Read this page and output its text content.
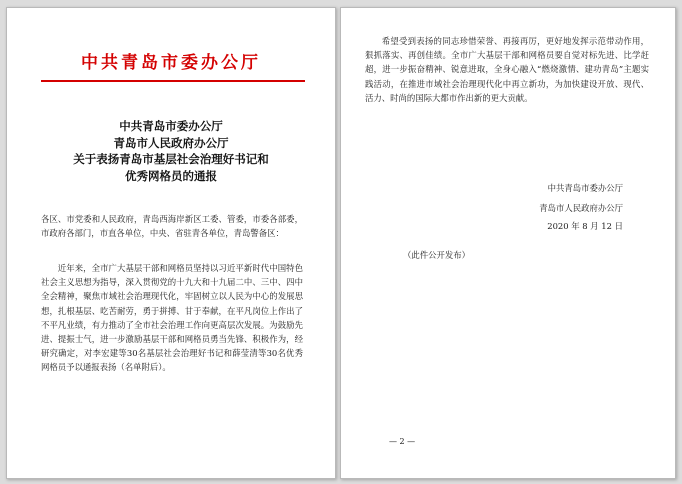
中共青岛市委办公厅
中共青岛市委办公厅
青岛市人民政府办公厅
关于表扬青岛市基层社会治理好书记和
优秀网格员的通报
各区、市党委和人民政府，青岛西海岸新区工委、管委，市委各部委，市政府各部门，市直各单位，中央、省驻青各单位，青岛警备区：
近年来，全市广大基层干部和网格员坚持以习近平新时代中国特色社会主义思想为指导，深入贯彻党的十九大和十九届二中、三中、四中全会精神，聚焦市域社会治理现代化，牢固树立以人民为中心的发展思想，扎根基层、吃苦耐劳，勇于拼搏、甘于奉献，在平凡岗位上作出了不平凡业绩，有力推动了全市社会治理工作向更高层次发展。为鼓励先进、提振士气，进一步激励基层干部和网格员勇当先锋、积极作为，经研究确定，对李宏建等30名基层社会治理好书记和薛莹清等30名优秀网格员予以通报表扬（名单附后）。
希望受到表扬的同志珍惜荣誉、再接再厉，更好地发挥示范带动作用，狠抓落实、再创佳绩。全市广大基层干部和网格员要自觉对标先进、比学赶超，进一步振奋精神、锐意进取，全身心融入“燃烧激情、建功青岛”主题实践活动，在推进市域社会治理现代化中再立新功，为加快建设开放、现代、活力、时尚的国际大都市作出新的更大贡献。
中共青岛市委办公厅
青岛市人民政府办公厅
2020 年 8 月 12 日
（此件公开发布）
— 2 —
